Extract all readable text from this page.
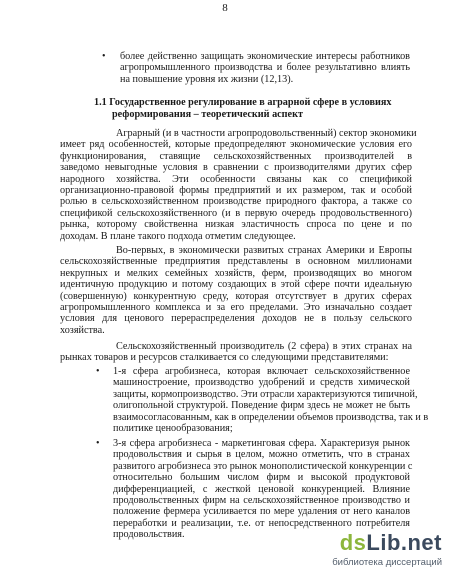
8
• более действенно защищать экономические интересы работников
агропромышленного производства и более результативно влиять
на повышение уровня их жизни (12,13).
1.1 Государственное регулирование в аграрной сфере в условиях
реформирования – теоретический аспект
Аграрный (и в частности агропродовольственный) сектор экономики
имеет ряд особенностей, которые предопределяют экономические условия его
функционирования, ставящие сельскохозяйственных производителей в
заведомо невыгодные условия в сравнении с производителями других сфер
народного хозяйства. Эти особенности связаны как со спецификой
организационно-правовой формы предприятий и их размером, так и особой
ролью в сельскохозяйственном производстве природного фактора, а также со
спецификой сельскохозяйственного (и в первую очередь продовольственного)
рынка, которому свойственна низкая эластичность спроса по цене и по
доходам. В плане такого подхода отметим следующее.
Во-первых, в экономически развитых странах Америки и Европы
сельскохозяйственные предприятия представлены в основном миллионами
некрупных и мелких семейных хозяйств, ферм, производящих во многом
идентичную продукцию и потому создающих в этой сфере почти идеальную
(совершенную) конкурентную среду, которая отсутствует в других сферах
агропромышленного комплекса и за его пределами. Это изначально создает
условия для ценового перераспределения доходов не в пользу сельского
хозяйства.
Сельскохозяйственный производитель (2 сфера) в этих странах на
рынках товаров и ресурсов сталкивается со следующими представителями:
• 1-я сфера агробизнеса, которая включает сельскохозяйственное
машиностроение, производство удобрений и средств химической
защиты, кормопроизводство. Эти отрасли характеризуются типичной,
олигопольной структурой. Поведение фирм здесь не может не быть
взаимосогласованным, как в определении объемов производства, так и в
политике ценообразования;
• 3-я сфера агробизнеса - маркетинговая сфера. Характеризуя рынок
продовольствия и сырья в целом, можно отметить, что в странах
развитого агробизнеса это рынок монополистической конкуренции с
относительно большим числом фирм и высокой продуктовой
дифференциацией, с жесткой ценовой конкуренцией. Влияние
продовольственных фирм на сельскохозяйственное производство и
положение фермера усиливается по мере удаления от него каналов
переработки и реализации, т.е. от непосредственного потребителя
продовольствия.	dsLib.net
библиотека диссертаций
